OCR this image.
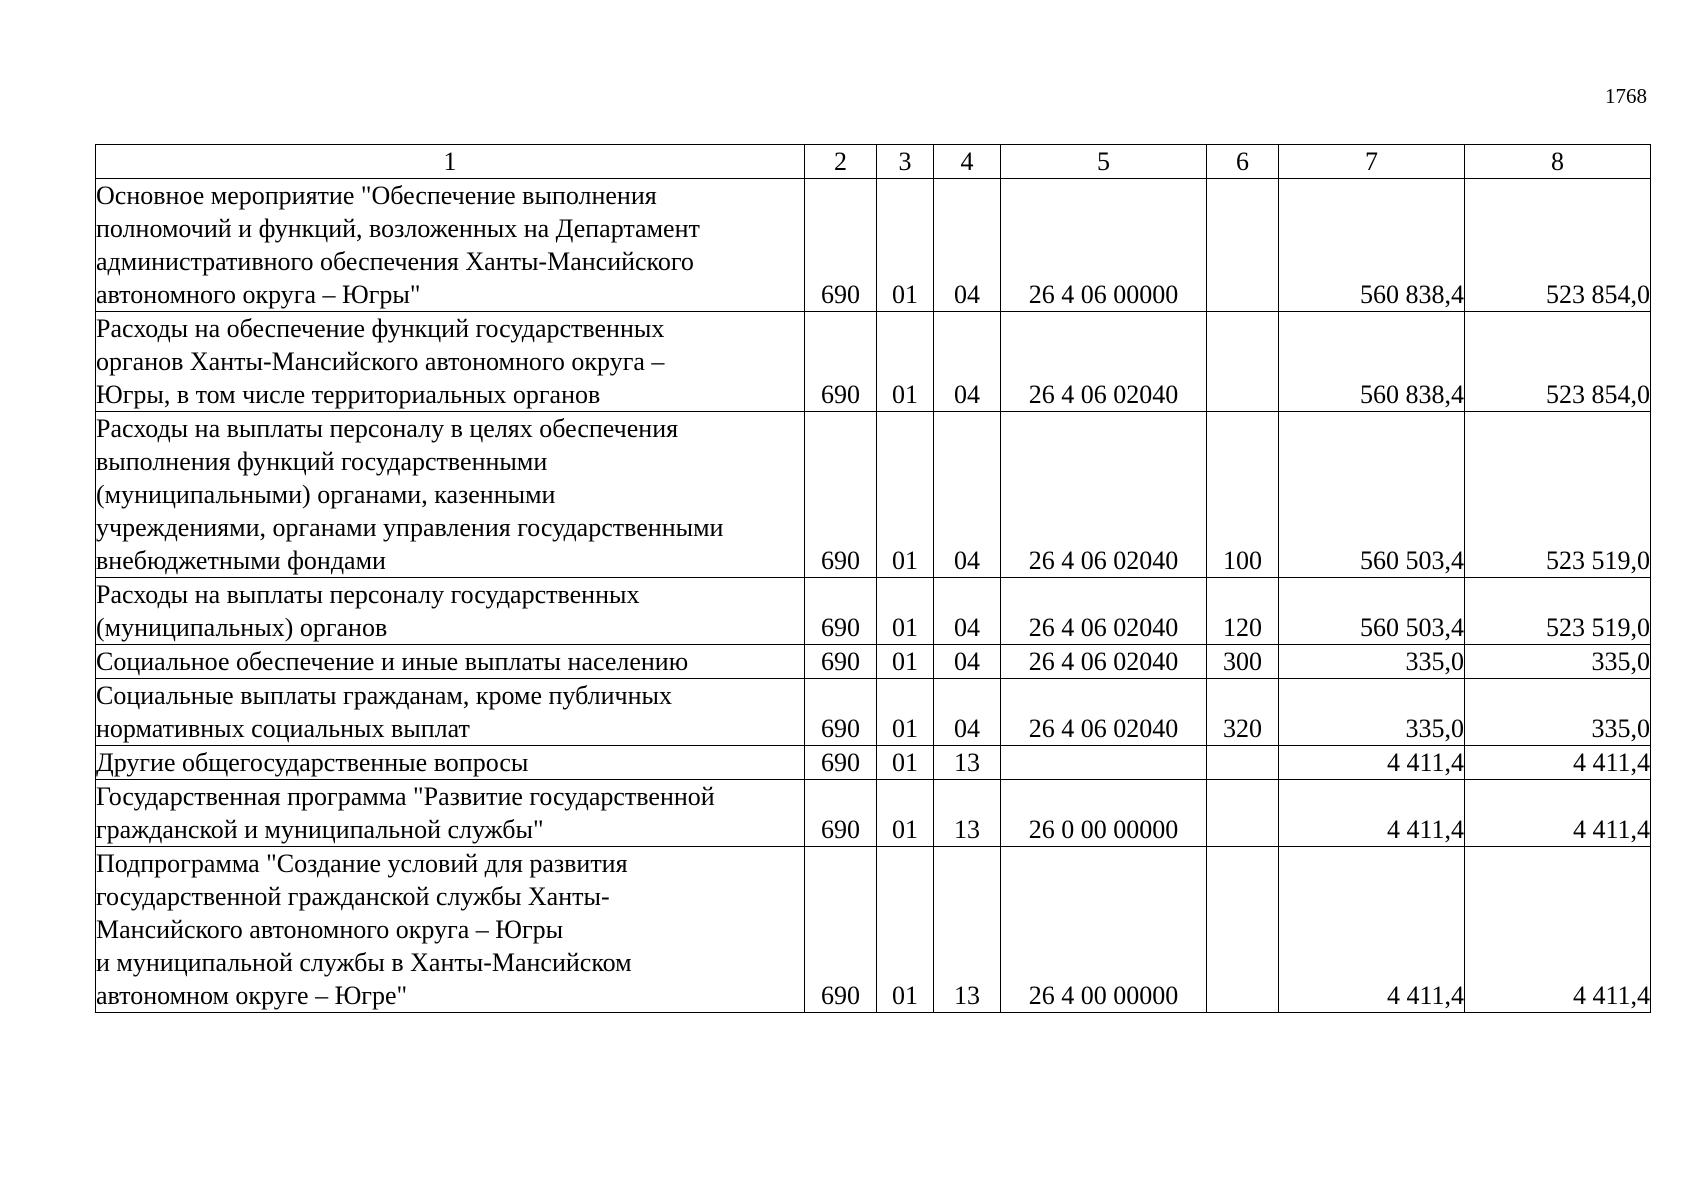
1768
1	2	3	4	5	6	7	8

Основное мероприятие "Обеспечение выполнения
полномочий и функций, возложенных на Департамент
административного обеспечения Ханты-Мансийского
автономного округа – Югры"	690	01	04	26 4 06 00000		560 838,4	523 854,0

Расходы на обеспечение функций государственных
органов Ханты-Мансийского автономного округа –
Югры, в том числе территориальных органов	690	01	04	26 4 06 02040		560 838,4	523 854,0

Расходы на выплаты персоналу в целях обеспечения
выполнения функций государственными
(муниципальными) органами, казенными
учреждениями, органами управления государственными
внебюджетными фондами	690	01	04	26 4 06 02040	100	560 503,4	523 519,0

Расходы на выплаты персоналу государственных
(муниципальных) органов	690	01	04	26 4 06 02040	120	560 503,4	523 519,0

Социальное обеспечение и иные выплаты населению	690	01	04	26 4 06 02040	300	335,0	335,0

Социальные выплаты гражданам, кроме публичных
нормативных социальных выплат	690	01	04	26 4 06 02040	320	335,0	335,0

Другие общегосударственные вопросы	690	01	13			4 411,4	4 411,4

Государственная программа "Развитие государственной
гражданской и муниципальной службы"	690	01	13	26 0 00 00000		4 411,4	4 411,4

Подпрограмма "Создание условий для развития
государственной гражданской службы Ханты-
Мансийского автономного округа – Югры
и муниципальной службы в Ханты-Мансийском
автономном округе – Югре"	690	01	13	26 4 00 00000		4 411,4	4 411,4
